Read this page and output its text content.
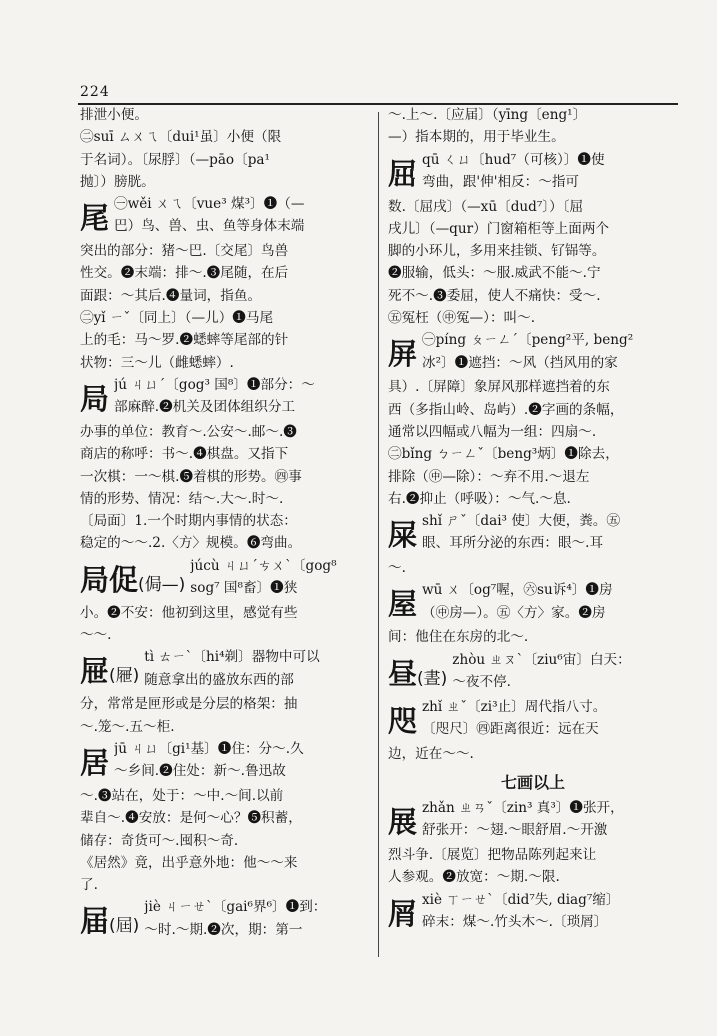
224
排泄小便。
㊁suī ㄙㄨㄟ〔dui¹虽〕小便（限
于名词）。〔尿脬〕（—pāo〔pa¹
抛〕）膀胱。
尾 ㊀wěi ㄨㄟ〔vue³ 煤³〕❶（—
巴）鸟、兽、虫、鱼等身体末端
突出的部分：猪～巴.〔交尾〕鸟兽
性交。❷末端：排～.❸尾随，在后
面跟：～其后.❹量词，指鱼。
㊁yǐ ㄧˇ〔同上〕（—儿）❶马尾
上的毛：马～罗.❷蟋蟀等尾部的针
状物：三～儿（雌蟋蟀）.
局 jú ㄐㄩˊ〔gog³ 国⁸〕❶部分：～
部麻醉.❷机关及团体组织分工
办事的单位：教育～.公安～.邮～.❸
商店的称呼：书～.❹棋盘。又指下
一次棋：一～棋.❺着棋的形势。㊃事
情的形势、情况：结～.大～.时～.
〔局面〕1.一个时期内事情的状态：
稳定的～～.2.〈方〉规模。❻弯曲。
局促(侷—)
júcù ㄐㄩˊㄘㄨˋ〔gog⁸
sog⁷ 国⁸畜〕❶狭
小。❷不安：他初到这里，感觉有些
～～.
屉(屜)
tì ㄊㄧˋ〔hi⁴剃〕器物中可以
随意拿出的盛放东西的部
分，常常是匣形或是分层的格架：抽
～.笼～.五～柜.
居 jū ㄐㄩ〔gi¹基〕❶住：分～.久
～乡间.❷住处：新～.鲁迅故
～.❸站在，处于：～中.～间.以前
辈自～.❹安放：是何～心？❺积蓄，
储存：奇货可～.囤积～奇.
《居然》竟，出乎意外地：他～～来
了.
届(屆)
jiè ㄐㄧㄝˋ〔gai⁶界⁶〕❶到：
～时.～期.❷次，期：第一
～.上～.〔应届〕（yīng〔eng¹〕
—）指本期的，用于毕业生。
屈 qū ㄑㄩ〔hud⁷（可核）〕❶使
弯曲，跟'伸'相反：～指可
数.〔屈戌〕（—xū〔dud⁷〕）〔屈
戌儿〕（—qur）门窗箱柜等上面两个
脚的小环儿，多用来挂锁、钌铞等。
❷服输，低头：～服.威武不能～.宁
死不～.❸委屈，使人不痛快：受～.
㊄冤枉（㊥冤—）：叫～.
屏 ㊀píng ㄆㄧㄥˊ〔peng²平, beng²
冰²〕❶遮挡：～风（挡风用的家
具）.〔屏障〕象屏风那样遮挡着的东
西（多指山岭、岛屿）.❷字画的条幅，
通常以四幅或八幅为一组：四扇～.
㊁bǐng ㄅㄧㄥˇ〔beng³炳〕❶除去，
排除（㊥—除）：～弃不用.～退左
右.❷抑止（呼吸）：～气.～息.
屎 shǐ ㄕˇ〔dai³ 使〕大便，粪。㊄
眼、耳所分泌的东西：眼～.耳
～.
屋 wū ㄨ〔og⁷喔，㊅su诉⁴〕❶房
（㊥房—）。㊄〈方〉家。❷房
间：他住在东房的北～.
昼(晝)
zhòu ㄓㄡˋ〔ziu⁶宙〕白天：
～夜不停.
咫 zhǐ ㄓˇ〔zi³止〕周代指八寸。
〔咫尺〕㊃距离很近：远在天
边，近在～～.
七画以上
展 zhǎn ㄓㄢˇ〔zin³ 真³〕❶张开，
舒张开：～翅.～眼舒眉.～开激
烈斗争.〔展览〕把物品陈列起来让
人参观。❷放宽：～期.～限.
屑 xiè ㄒㄧㄝˋ〔did⁷失, diag⁷缩〕
碎末：煤～.竹头木～.〔琐屑〕
